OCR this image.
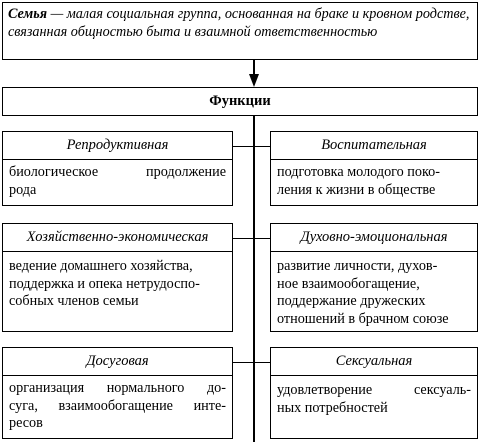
Семья — малая социальная группа, основанная на браке и кровном родстве, связанная общностью быта и взаимной ответственностью
Функции
Репродуктивная
биологическое продолжение
рода
Воспитательная
подготовка молодого поко-
ления к жизни в обществе
Хозяйственно-экономическая
ведение домашнего хозяйства,
поддержка и опека нетрудоспо-
собных членов семьи
Духовно-эмоциональная
развитие личности, духов-
ное взаимообогащение,
поддержание дружеских
отношений в брачном союзе
Досуговая
организация нормального до-
суга, взаимообогащение инте-
ресов
Сексуальная
удовлетворение сексуаль-
ных потребностей
